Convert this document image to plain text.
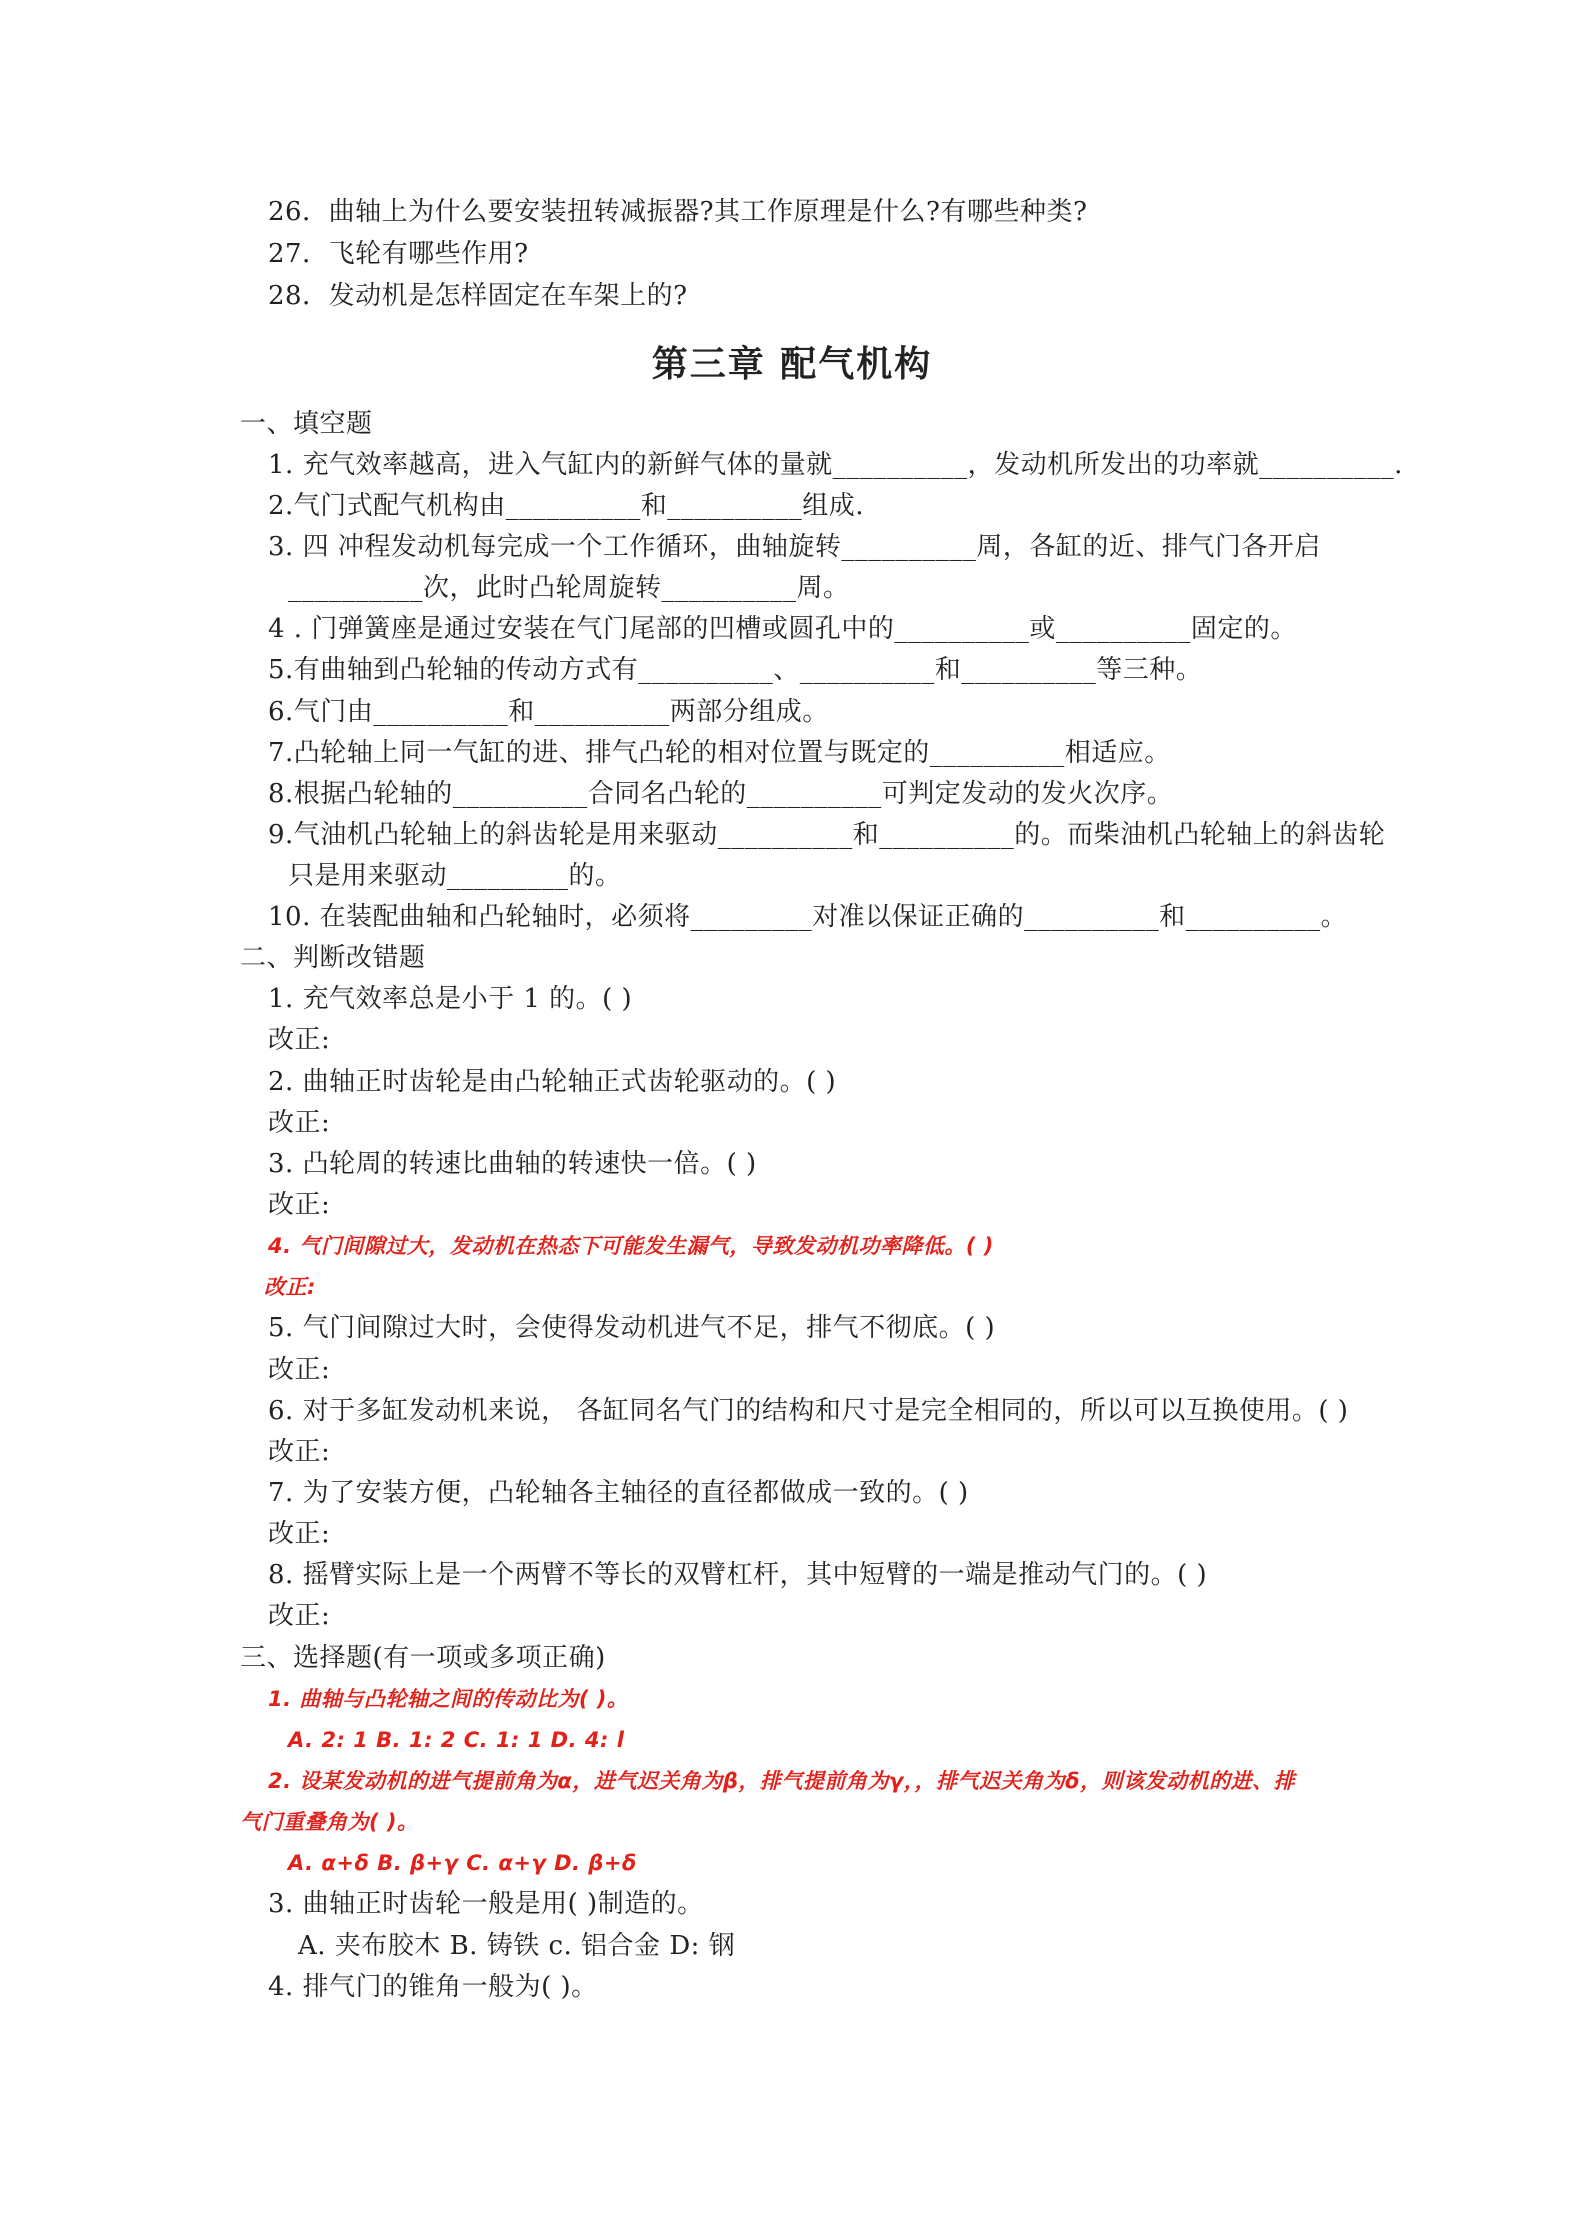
26．曲轴上为什么要安装扭转减振器?其工作原理是什么?有哪些种类?
27．飞轮有哪些作用?
28．发动机是怎样固定在车架上的?
第三章 配气机构
一、填空题
1. 充气效率越高，进入气缸内的新鲜气体的量就__________，发动机所发出的功率就__________.
2.气门式配气机构由__________和__________组成.
3. 四 冲程发动机每完成一个工作循环，曲轴旋转__________周，各缸的近、排气门各开启
__________次，此时凸轮周旋转__________周。
4 . 门弹簧座是通过安装在气门尾部的凹槽或圆孔中的__________或__________固定的。
5.有曲轴到凸轮轴的传动方式有__________、__________和__________等三种。
6.气门由__________和__________两部分组成。
7.凸轮轴上同一气缸的进、排气凸轮的相对位置与既定的__________相适应。
8.根据凸轮轴的__________合同名凸轮的__________可判定发动的发火次序。
9.气油机凸轮轴上的斜齿轮是用来驱动__________和__________的。而柴油机凸轮轴上的斜齿轮
只是用来驱动_________的。
10. 在装配曲轴和凸轮轴时，必须将_________对准以保证正确的__________和__________。
二、判断改错题
1. 充气效率总是小于 1 的。( )
改正:
2. 曲轴正时齿轮是由凸轮轴正式齿轮驱动的。( )
改正:
3. 凸轮周的转速比曲轴的转速快一倍。( )
改正:
4. 气门间隙过大，发动机在热态下可能发生漏气，导致发动机功率降低。( )
改正:
5. 气门间隙过大时，会使得发动机进气不足，排气不彻底。( )
改正:
6. 对于多缸发动机来说， 各缸同名气门的结构和尺寸是完全相同的，所以可以互换使用。( )
改正:
7. 为了安装方便，凸轮轴各主轴径的直径都做成一致的。( )
改正:
8. 摇臂实际上是一个两臂不等长的双臂杠杆，其中短臂的一端是推动气门的。( )
改正:
三、选择题(有一项或多项正确)
1. 曲轴与凸轮轴之间的传动比为( )。
A. 2: 1 B. 1: 2 C. 1: 1 D. 4: l
2. 设某发动机的进气提前角为α，进气迟关角为β，排气提前角为γ，，排气迟关角为δ，则该发动机的进、排
气门重叠角为( )。
A. α+δ B. β+γ C. α+γ D. β+δ
3. 曲轴正时齿轮一般是用( )制造的。
A. 夹布胶木 B. 铸铁 c. 铝合金 D: 钢
4. 排气门的锥角一般为( )。
